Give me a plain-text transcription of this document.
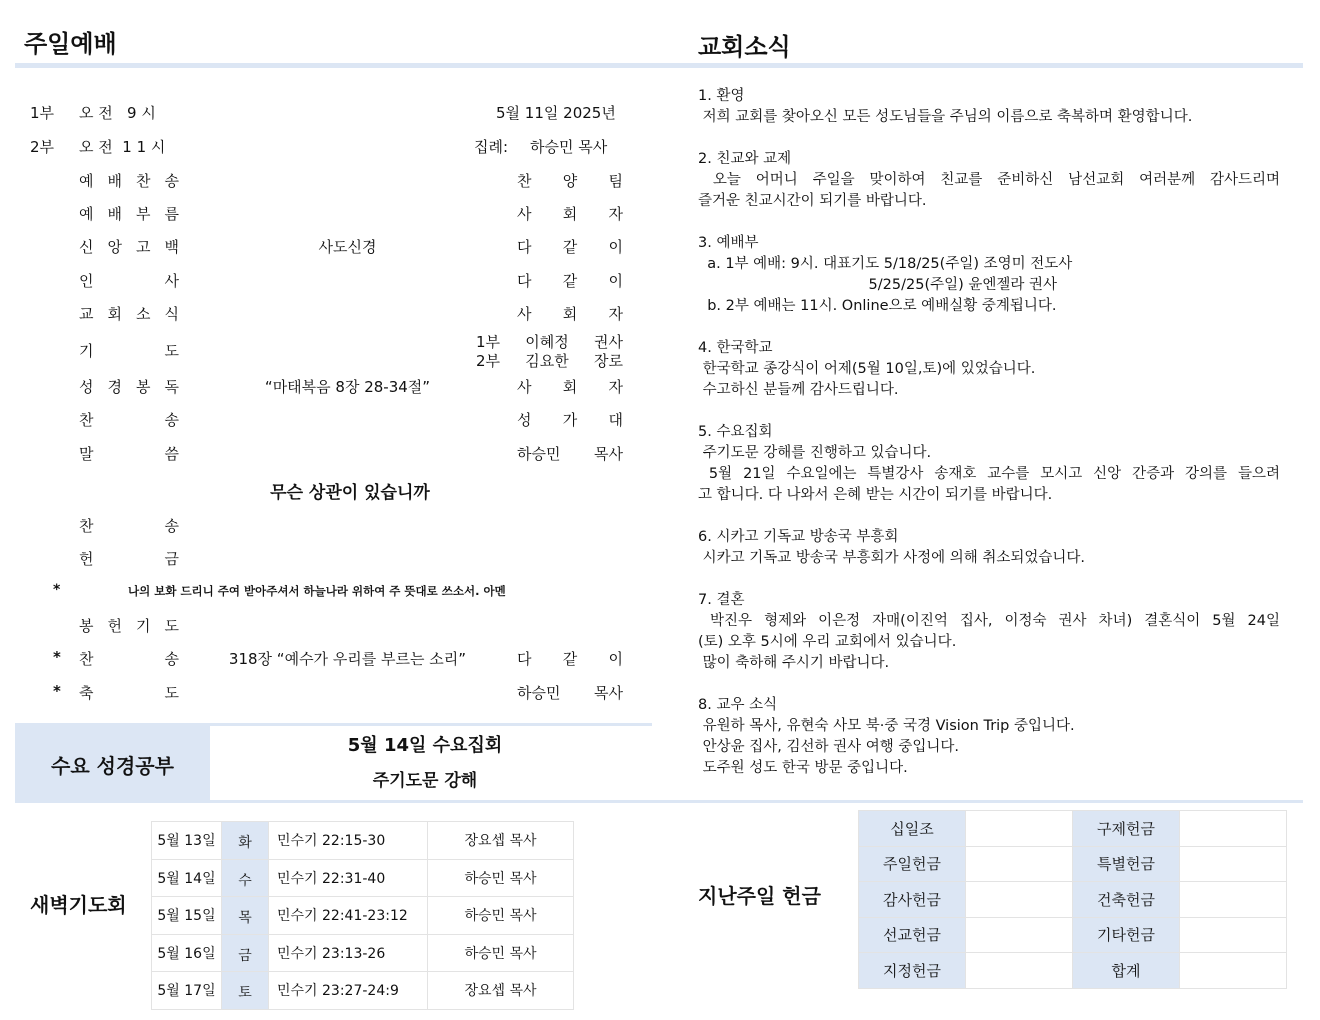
주일예배	교회소식
1부 오 전   9 시	5월 11일 2025년
2부 오 전  1 1 시	집례: 하승민 목사
예 배 찬 송	찬 양 팀
예 배 부 름	사 회 자
신 앙 고 백	사도신경	다 같 이
인 사	다 같 이
교 회 소 식	사 회 자
기 도	1부 이혜정 권사
2부 김요한 장로
성 경 봉 독	“마태복음 8장 28-34절”	사 회 자
찬 송	성 가 대
말 씀	하승민 목사
무슨 상관이 있습니까
찬 송
헌 금
*	나의 보화 드리니 주여 받아주셔서 하늘나라 위하여 주 뜻대로 쓰소서. 아멘
봉 헌 기 도
* 찬 송	318장 “예수가 우리를 부르는 소리”	다 같 이
* 축 도	하승민 목사
수요 성경공부
5월 14일 수요집회
주기도문 강해
새벽기도회
5월 13일	화	민수기 22:15-30	장요셉 목사
5월 14일	수	민수기 22:31-40	하승민 목사
5월 15일	목	민수기 22:41-23:12	하승민 목사
5월 16일	금	민수기 23:13-26	하승민 목사
5월 17일	토	민수기 23:27-24:9	장요셉 목사
1. 환영
저희 교회를 찾아오신 모든 성도님들을 주님의 이름으로 축복하며 환영합니다.
2. 친교와 교제
오늘 어머니 주일을 맞이하여 친교를 준비하신 남선교회 여러분께 감사드리며
즐거운 친교시간이 되기를 바랍니다.
3. 예배부
a. 1부 예배: 9시. 대표기도 5/18/25(주일) 조영미 전도사
5/25/25(주일) 윤엔젤라 권사
b. 2부 예배는 11시. Online으로 예배실황 중계됩니다.
4. 한국학교
한국학교 종강식이 어제(5월 10일,토)에 있었습니다.
수고하신 분들께 감사드립니다.
5. 수요집회
주기도문 강해를 진행하고 있습니다.
5월 21일 수요일에는 특별강사 송재호 교수를 모시고 신앙 간증과 강의를 들으려
고 합니다. 다 나와서 은혜 받는 시간이 되기를 바랍니다.
6. 시카고 기독교 방송국 부흥회
시카고 기독교 방송국 부흥회가 사정에 의해 취소되었습니다.
7. 결혼
박진우 형제와 이은정 자매(이진억 집사, 이정숙 권사 차녀) 결혼식이 5월 24일
(토) 오후 5시에 우리 교회에서 있습니다.
많이 축하해 주시기 바랍니다.
8. 교우 소식
유원하 목사, 유현숙 사모 북·중 국경 Vision Trip 중입니다.
안상윤 집사, 김선하 권사 여행 중입니다.
도주원 성도 한국 방문 중입니다.
지난주일 헌금
십일조		구제헌금	
주일헌금		특별헌금	
감사헌금		건축헌금	
선교헌금		기타헌금	
지정헌금		합계	
